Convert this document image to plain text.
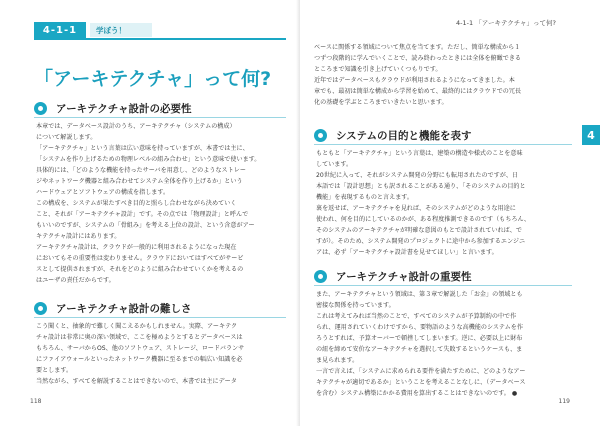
4-1-1	学ぼう！
「アーキテクチャ」って何?
アーキテクチャ設計の必要性
本章では、データベース設計のうち、アーキテクチャ（システムの構成）
について解説します。
「アーキテクチャ」という言葉は広い意味を持っていますが、本書では主に、
「システムを作り上げるための物理レベルの組み合わせ」という意味で使います。
具体的には、「どのような機能を持ったサーバを用意し、どのようなストレー
ジやネットワーク機器と組み合わせてシステム全体を作り上げるか」という
ハードウェアとソフトウェアの構成を指します。
この構成を、システムが果たすべき目的と照らし合わせながら決めていく
こと、それが「アーキテクチャ設計」です。その点では「物理設計」と呼んで
もいいのですが、システムの「骨組み」を考える上位の設計、という含意がアー
キテクチャ設計にはあります。
アーキテクチャ設計は、クラウドが一般的に利用されるようになった現在
においてもその重要性は変わりません。クラウドにおいてはすべてがサービ
スとして提供されますが、それをどのように組み合わせていくかを考えるの
はユーザの責任だからです。
アーキテクチャ設計の難しさ
こう聞くと、抽象的で難しく聞こえるかもしれません。実際、アーキテク
チャ設計は非常に奥の深い領域で、ここを極めようとするとデータベースは
もちろん、サーバからOS、他のソフトウェア、ストレージ、ロードバランサ
にファイアウォールといったネットワーク機器に至るまでの幅広い知識を必
要とします。
当然ながら、すべてを解説することはできないので、本書では主にデータ
118
4-1-1 「アーキテクチャ」って何?
4
ベースに関係する領域について焦点を当てます。ただし、簡単な構成から１
つずつ段階的に学んでいくことで、読み終わったときには全体を俯瞰できる
ところまで知識を引き上げていくつもりです。
近年ではデータベースもクラウドが利用されるようになってきました。本
章でも、最初は簡単な構成から学習を始めて、最終的にはクラウドでの冗長
化の基礎を学ぶところまでいきたいと思います。
システムの目的と機能を表す
もともと「アーキテクチャ」という言葉は、建築の構造や様式のことを意味
しています。
20世紀に入って、それがシステム開発の分野にも転用されたのですが、日
本語では「設計思想」とも訳されることがある通り、「そのシステムの目的と
機能」を表現するものと言えます。
裏を返せば、アーキテクチャを見れば、そのシステムがどのような用途に
使われ、何を目的にしているのかが、ある程度推測できるのです（もちろん、
そのシステムのアーキテクチャが明確な意図のもとで設計されていれば、で
すが）。そのため、システム開発のプロジェクトに途中から参加するエンジニ
アは、必ず「アーキテクチャ設計書を見せてほしい」と言います。
アーキテクチャ設計の重要性
また、アーキテクチャという領域は、第３章で解説した「お金」の領域とも
密接な関係を持っています。
これは考えてみれば当然のことで、すべてのシステムが予算制約の中で作
られ、運用されていくわけですから、要物語のような高機能のシステムを作
ろうとすれば、予算オーバーで頓挫してしまいます。逆に、必要以上に財布
の紐を締めて安价なアーキテクチャを選択して失敗するというケースも、ま
ま見られます。
一言で言えば、「システムに求められる要件を満たすために、どのようなアー
キテクチャが適切であるか」ということを考えることなしに、（データベース
を含む）システム構築にかかる費用を算出することはできないのです。 ●
119
